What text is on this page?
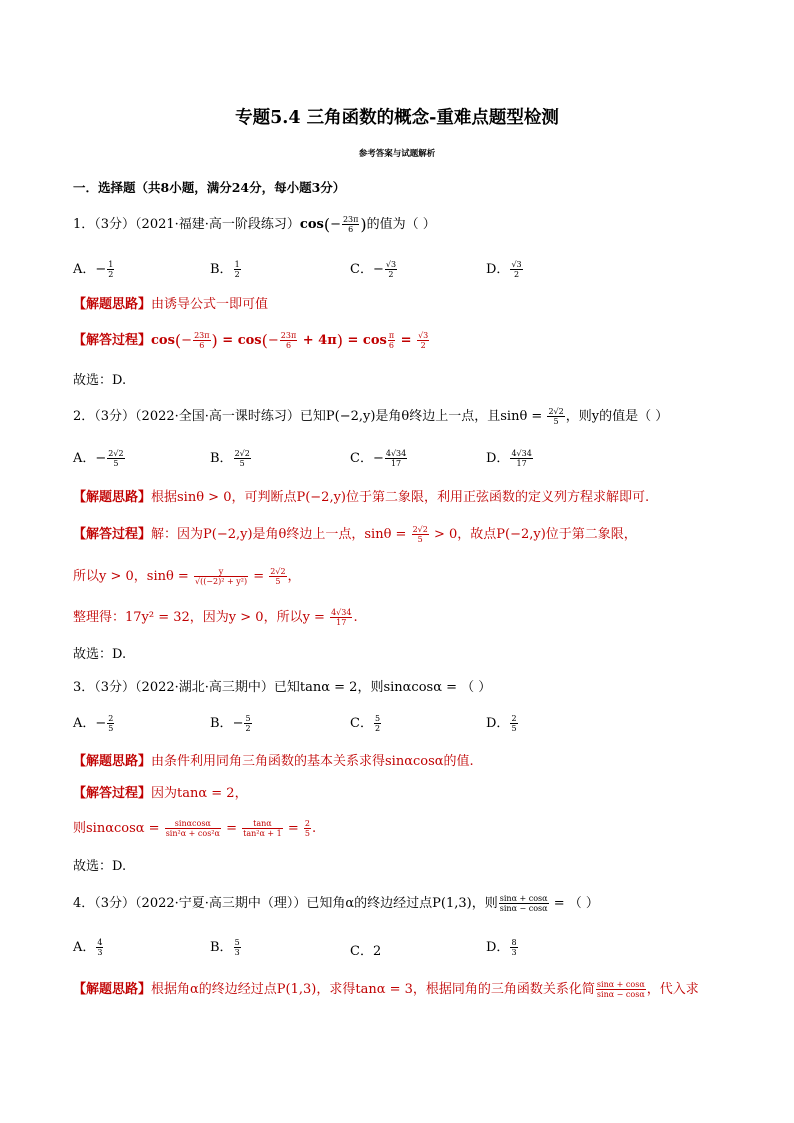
专题5.4 三角函数的概念-重难点题型检测
参考答案与试题解析
一．选择题（共8小题，满分24分，每小题3分）
1．（3分）（2021·福建·高一阶段练习）$\cos(- \frac{23\pi}{6}$ )的值为（ ）
A．− $\frac{1}{2}$	B． $\frac{1}{2}$	C．− $\frac{√3}{2}$	D． $\frac{√3}{2}$
【解题思路】由诱导公式一即可值
【解答过程】$\cos(- \frac{23\pi}{6}$ ) = $\cos(- \frac{23\pi}{6} + 4\pi) = \cos \frac{\pi}{6} = \frac{√3}{2}$
故选：D.
2．（3分）（2022·全国·高一课时练习）已知P(−2,y)是角θ终边上一点，且$\sin\theta = \frac{2√2}{5}$ ，则y的值是（ ）
A．− $\frac{2√2}{5}$	B． $\frac{2√2}{5}$	C．− $\frac{4√34}{17}$	D． $\frac{4√34}{17}$
【解题思路】根据sinθ > 0，可判断点P(−2,y)位于第二象限，利用正弦函数的定义列方程求解即可.
【解答过程】解：因为P(−2,y)是角θ终边上一点，$\sin\theta = \frac{2√2}{5} > 0$，故点P(−2,y)位于第二象限，
所以y > 0，$\sin\theta = \frac{y}{\text{√((−2)² + y²)}} = \frac{2√2}{5}$ ，
整理得：17y² = 32，因为y > 0，所以$y = \frac{4√34}{17}$ .
故选：D.
3．（3分）（2022·湖北·高三期中）已知tanα = 2，则sinαcosα = （ ）
A．− $\frac{2}{5}$	B．− $\frac{5}{2}$	C． $\frac{5}{2}$	D． $\frac{2}{5}$
【解题思路】由条件利用同角三角函数的基本关系求得sinαcosα的值.
【解答过程】因为tanα = 2，
则$\sin\alpha\cos\alpha = \frac{\sin\alpha\cos\alpha}{\text{sin²α + cos²α}} = \frac{\tan\alpha}{\text{tan²α + 1}} = \frac{2}{5}$ .
故选：D.
4．（3分）（2022·宁夏·高三期中（理））已知角α的终边经过点P(1,3)，则 $\frac{\sin\alpha + \cos\alpha}{\sin\alpha - \cos\alpha}$ = （ ）
A． $\frac{4}{3}$	B． $\frac{5}{3}$	C．2	D． $\frac{8}{3}$
【解题思路】根据角α的终边经过点P(1,3)，求得tanα = 3，根据同角的三角函数关系化简 $\frac{\sin\alpha + \cos\alpha}{\sin\alpha - \cos\alpha}$ ，代入求
